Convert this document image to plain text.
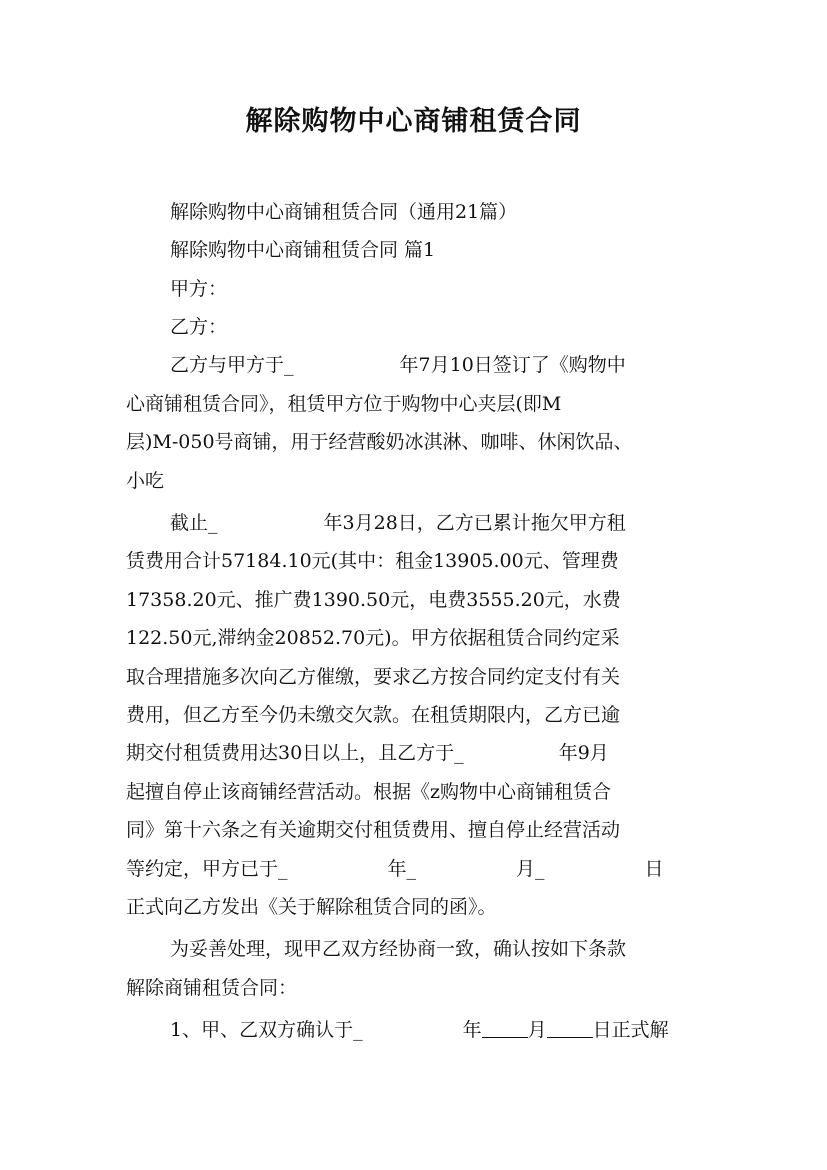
解除购物中心商铺租赁合同
解除购物中心商铺租赁合同（通用21篇）
解除购物中心商铺租赁合同 篇1
甲方：
乙方：
乙方与甲方于_	年7月10日签订了《购物中
心商铺租赁合同》，租赁甲方位于购物中心夹层(即M
层)M-050号商铺，用于经营酸奶冰淇淋、咖啡、休闲饮品、
小吃
截止_	年3月28日，乙方已累计拖欠甲方租
赁费用合计57184.10元(其中：租金13905.00元、管理费
17358.20元、推广费1390.50元，电费3555.20元，水费
122.50元,滞纳金20852.70元)。甲方依据租赁合同约定采
取合理措施多次向乙方催缴，要求乙方按合同约定支付有关
费用，但乙方至今仍未缴交欠款。在租赁期限内，乙方已逾
期交付租赁费用达30日以上，且乙方于_	年9月
起擅自停止该商铺经营活动。根据《z购物中心商铺租赁合
同》第十六条之有关逾期交付租赁费用、擅自停止经营活动
等约定，甲方已于_	年_	月_	日
正式向乙方发出《关于解除租赁合同的函》。
为妥善处理，现甲乙双方经协商一致，确认按如下条款
解除商铺租赁合同：
1、甲、乙双方确认于_	年 月 日正式解
